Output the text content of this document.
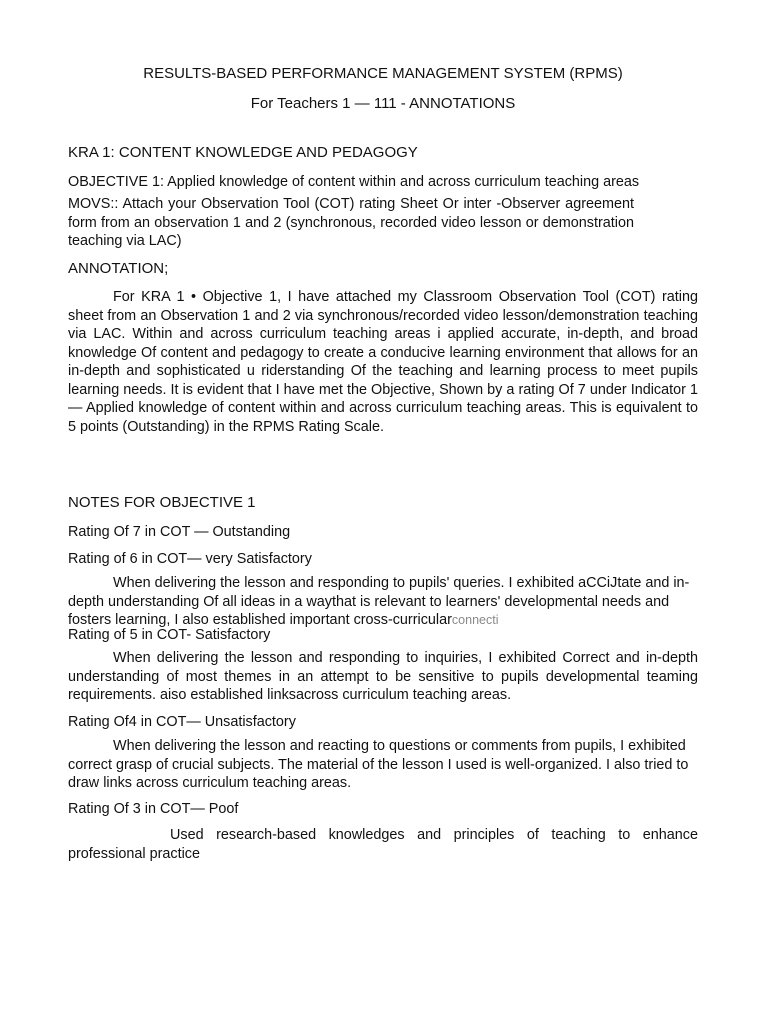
RESULTS-BASED PERFORMANCE MANAGEMENT SYSTEM (RPMS)

For Teachers 1 — 111 - ANNOTATIONS

KRA 1: CONTENT KNOWLEDGE AND PEDAGOGY

OBJECTIVE 1: Applied knowledge of content within and across curriculum teaching areas

MOVS:: Attach your Observation Tool (COT) rating Sheet Or inter -Observer agreement form from an observation 1 and 2 (synchronous, recorded video lesson or demonstration teaching via LAC)

ANNOTATION;

For KRA 1 • Objective 1, I have attached my Classroom Observation Tool (COT) rating sheet from an Observation 1 and 2 via synchronous/recorded video lesson/demonstration teaching via LAC. Within and across curriculum teaching areas i applied accurate, in-depth, and broad knowledge Of content and pedagogy to create a conducive learning environment that allows for an in-depth and sophisticated u riderstanding Of the teaching and learning process to meet pupils learning needs. It is evident that I have met the Objective, Shown by a rating Of 7 under Indicator 1 — Applied knowledge of content within and across curriculum teaching areas. This is equivalent to 5 points (Outstanding) in the RPMS Rating Scale.

NOTES FOR OBJECTIVE 1

Rating Of 7 in COT — Outstanding

Rating of 6 in COT— very Satisfactory

When delivering the lesson and responding to pupils' queries. I exhibited aCCiJtate and in-depth understanding Of all ideas in a waythat is relevant to learners' developmental needs and fosters learning, I also established important cross-curricularconnecti

Rating of 5 in COT- Satisfactory

When delivering the lesson and responding to inquiries, I exhibited Correct and in-depth understanding of most themes in an attempt to be sensitive to pupils developmental teaming requirements. aiso established linksacross curriculum teaching areas.

Rating Of4 in COT— Unsatisfactory

When delivering the lesson and reacting to questions or comments from pupils, I exhibited correct grasp of crucial subjects. The material of the lesson I used is well-organized. I also tried to draw links across curriculum teaching areas.

Rating Of 3 in COT— Poof

Used research-based knowledges and principles of teaching to enhance professional practice
